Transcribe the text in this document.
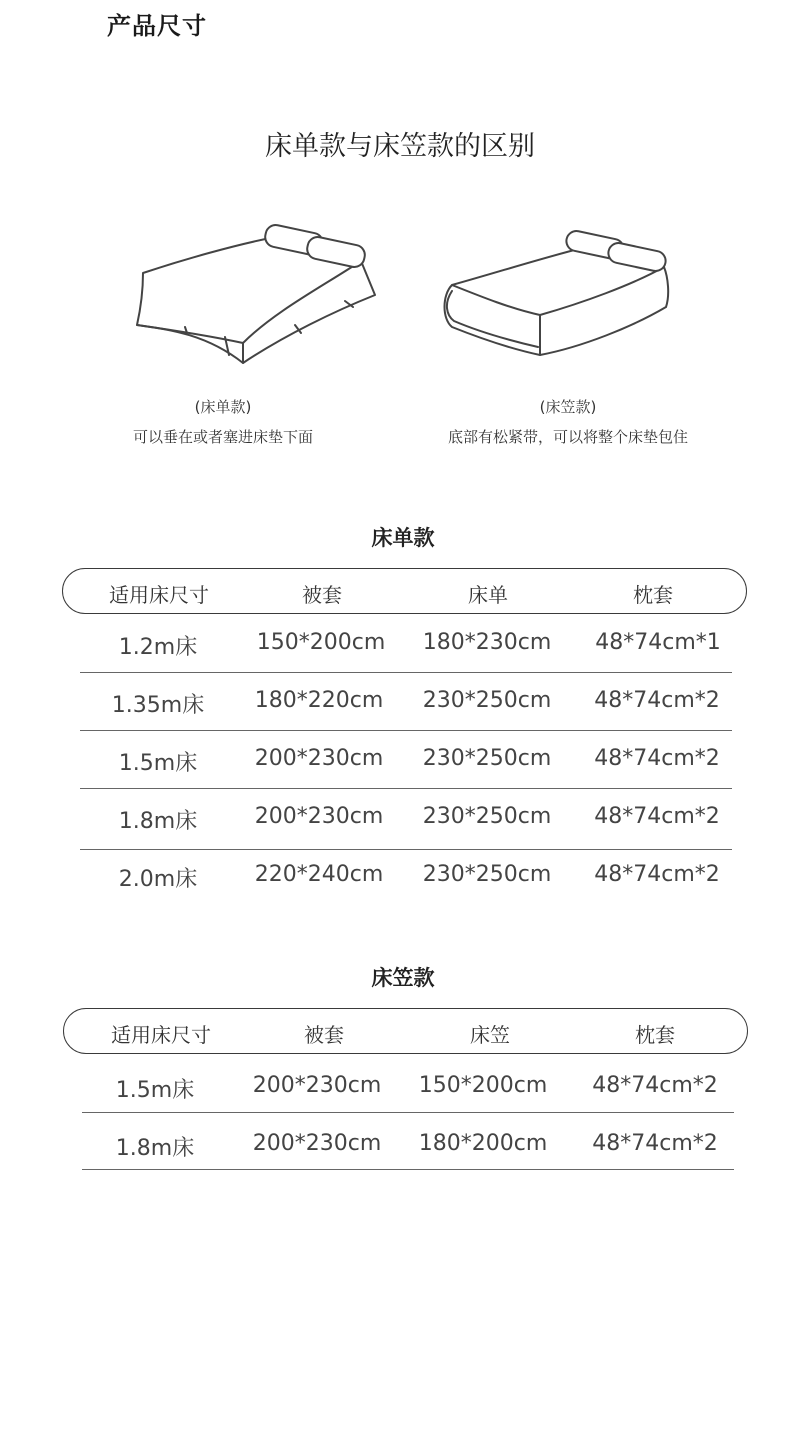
产品尺寸
床单款与床笠款的区别
(床单款)
可以垂在或者塞进床垫下面
(床笠款)
底部有松紧带，可以将整个床垫包住
床单款
适用床尺寸	被套	床单	枕套
1.2m床	150*200cm	180*230cm	48*74cm*1
1.35m床	180*220cm	230*250cm	48*74cm*2
1.5m床	200*230cm	230*250cm	48*74cm*2
1.8m床	200*230cm	230*250cm	48*74cm*2
2.0m床	220*240cm	230*250cm	48*74cm*2
床笠款
适用床尺寸	被套	床笠	枕套
1.5m床	200*230cm	150*200cm	48*74cm*2
1.8m床	200*230cm	180*200cm	48*74cm*2
